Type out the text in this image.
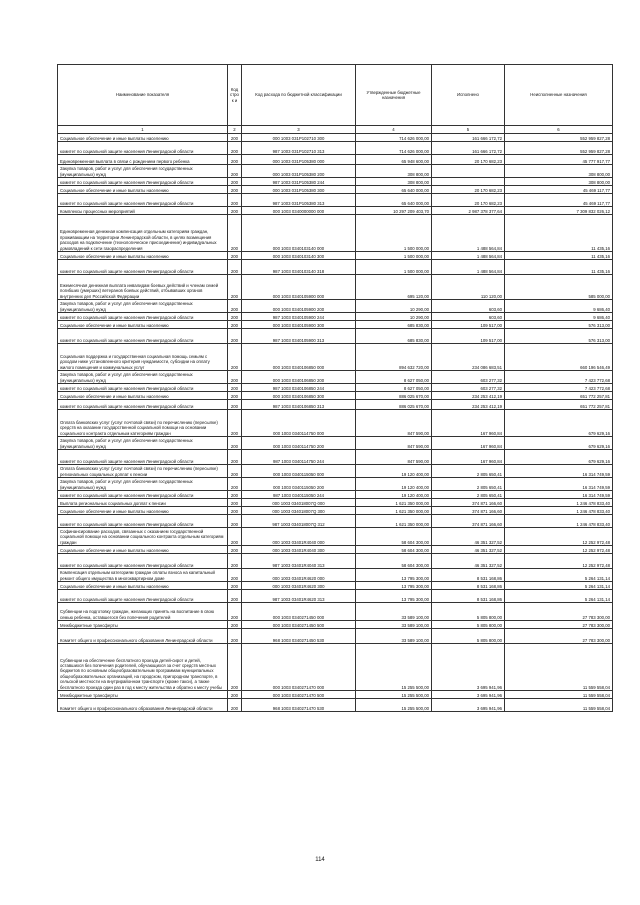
Наименование показателя	Код строк и	Код расхода по бюджетной классификации	Утвержденные бюджетные назначения	Исполнено	Неисполненные назначения
1	2	3	4	5	6
Социальное обеспечение и иные выплаты населению	200	000 1003 031Р102710 300	714 626 000,00	161 666 172,72	552 959 827,28
комитет по социальной защите населения Ленинградской области	200	987 1003 031Р102710 313	714 626 000,00	161 666 172,72	552 959 827,28
Единовременная выплата в связи с рождением первого ребенка	200	000 1003 031Р105380 000	65 948 600,00	20 170 682,23	45 777 917,77
Закупка товаров, работ и услуг для обеспечения государственных (муниципальных) нужд	200	000 1003 031Р105380 200	308 800,00		308 800,00
комитет по социальной защите населения Ленинградской области	200	987 1003 031Р105380 244	308 800,00		308 800,00
Социальное обеспечение и иные выплаты населению	200	000 1003 031Р105380 300	65 640 000,00	20 170 682,23	45 469 117,77
комитет по социальной защите населения Ленинградской области	200	987 1003 031Р105380 313	65 640 000,00	20 170 682,23	45 469 117,77
Комплексы процессных мероприятий	200	000 1003 0340000000 000	10 297 209 403,70	2 987 378 377,64	7 309 832 026,12
Единовременная денежная компенсация отдельным категориям граждан, проживающим на территории Ленинградской области, в целях возмещения расходов на подключение (технологическое присоединение) индивидуальных домовладений к сети газораспределения	200	000 1003 0340103140 000	1 500 000,00	1 488 564,84	11 435,16
Социальное обеспечение и иные выплаты населению	200	000 1003 0340103140 300	1 500 000,00	1 488 564,84	11 435,16
комитет по социальной защите населения Ленинградской области	200	987 1003 0340103140 318	1 500 000,00	1 488 564,84	11 435,16
Ежемесячная денежная выплата инвалидам боевых действий и членам семей погибших (умерших) ветеранов боевых действий, отбывавших органов внутренних дел Российской Федерации	200	000 1003 0340105900 000	695 120,00	110 120,00	585 000,00
Закупка товаров, работ и услуг для обеспечения государственных (муниципальных) нужд	200	000 1003 0340105900 200	10 290,00	603,60	9 686,40
комитет по социальной защите населения Ленинградской области	200	987 1003 0340105900 244	10 290,00	603,60	9 686,40
Социальное обеспечение и иные выплаты населению	200	000 1003 0340105900 300	685 830,00	109 517,00	576 313,00
комитет по социальной защите населения Ленинградской области	200	987 1003 0340105900 313	685 830,00	109 517,00	576 313,00
Социальная поддержка и государственная социальная помощь семьям с доходом ниже установленного критерия нуждаемости, субсидии на оплату жилого помещения и коммунальных услуг	200	000 1003 0340106850 000	894 632 720,00	234 086 683,51	660 196 546,49
Закупка товаров, работ и услуг для обеспечения государственных (муниципальных) нужд	200	000 1003 0340106850 200	8 627 050,00	603 277,32	7 423 772,68
комитет по социальной защите населения Ленинградской области	200	987 1003 0340106850 244	8 627 050,00	603 277,32	7 423 772,68
Социальное обеспечение и иные выплаты населению	200	000 1003 0340106850 300	886 025 670,00	234 253 412,19	651 772 257,81
комитет по социальной защите населения Ленинградской области	200	987 1003 0340106850 313	886 025 670,00	234 253 412,19	651 772 257,81
Оплата банковских услуг (услуг почтовой связи) по перечислению (пересылке) средств на оказание государственной социальной помощи на основании социального контракта отдельным категориям граждан	200	000 1003 0340114750 000	847 590,00	167 960,84	679 629,16
Закупка товаров, работ и услуг для обеспечения государственных (муниципальных) нужд	200	000 1003 0340114750 200	847 590,00	167 960,84	679 629,16
комитет по социальной защите населения Ленинградской области	200	987 1003 0340114750 244	847 590,00	167 960,84	679 629,16
Оплата банковских услуг (услуг почтовой связи) по перечислению (пересылке) региональных социальных доплат к пенсии	200	000 1003 0340115050 000	19 120 400,00	2 805 650,41	16 314 749,59
Закупка товаров, работ и услуг для обеспечения государственных (муниципальных) нужд	200	000 1003 0340115050 200	19 120 400,00	2 805 650,41	16 314 749,59
комитет по социальной защите населения Ленинградской области	200	987 1003 0340115050 244	19 120 400,00	2 805 650,41	16 314 749,59
Выплата региональных социальных доплат к пенсии	200	000 1003 034018007Q 000	1 621 350 000,00	374 871 166,60	1 246 478 833,40
Социальное обеспечение и иные выплаты населению	200	000 1003 034018007Q 300	1 621 350 000,00	374 871 166,60	1 246 478 833,40
комитет по социальной защите населения Ленинградской области	200	987 1003 034018007Q 312	1 621 350 000,00	374 871 166,60	1 246 478 833,40
Софинансирование расходов, связанных с оказанием государственной социальной помощи на основании социального контракта отдельным категориям граждан	200	000 1003 03401R4040 000	58 604 300,00	46 351 327,52	12 252 972,48
Социальное обеспечение и иные выплаты населению	200	000 1003 03401R4040 300	58 604 300,00	46 351 327,52	12 252 972,48
комитет по социальной защите населения Ленинградской области	200	987 1003 03401R4040 313	58 604 300,00	46 351 327,52	12 252 972,48
Компенсация отдельным категориям граждан оплаты взноса на капитальный ремонт общего имущества в многоквартирном доме	200	000 1003 03401R4620 000	13 795 300,00	8 531 168,86	5 264 131,14
Социальное обеспечение и иные выплаты населению	200	000 1003 03401R4620 300	13 795 300,00	8 531 168,86	5 264 131,14
комитет по социальной защите населения Ленинградской области	200	987 1003 03401R4620 313	13 795 300,00	8 531 168,86	5 264 131,14
Субвенции на подготовку граждан, желающих принять на воспитание в свою семью ребенка, оставшегося без попечения родителей	200	000 1003 0340271450 000	33 589 100,00	5 805 800,00	27 783 300,00
Межбюджетные трансферты	200	000 1003 0340271450 500	33 589 100,00	5 805 800,00	27 783 300,00
Комитет общего и профессионального образования Ленинградской области	200	968 1003 0340271450 530	33 589 100,00	5 805 800,00	27 783 300,00
Субвенции на обеспечение бесплатного проезда детей-сирот и детей, оставшихся без попечения родителей, обучающихся за счет средств местных бюджетов по основным общеобразовательным программам муниципальных общеобразовательных организаций, на городском, пригородном транспорте, в сельской местности на внутрирайонном транспорте (кроме такси), а также бесплатного проезда один раз в год к месту жительства и обратно к месту учебы	200	000 1003 0340271470 000	15 255 500,00	3 695 941,96	11 559 558,04
Межбюджетные трансферты	200	000 1003 0340271470 500	15 255 500,00	3 695 941,96	11 559 558,04
Комитет общего и профессионального образования Ленинградской области	200	968 1003 0340271470 530	15 255 500,00	3 695 941,96	11 559 558,04
114
